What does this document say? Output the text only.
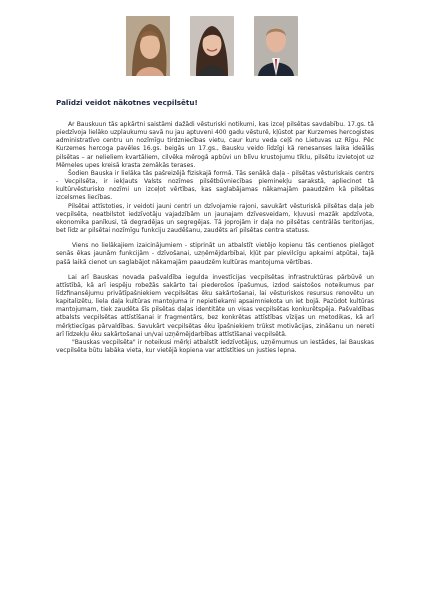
Palīdzi veidot nākotnes vecpilsētu!

Ar Bauskuun tās apkārtni saistāmi dažādi vēsturiski notikumi, kas izceļ pilsētas savdabību. 17.gs. tā piedzīvoja lielāko uzplaukumu savā nu jau aptuveni 400 gadu vēsturē, kļūstot par Kurzemes hercogistes administratīvo centru un nozīmīgu tirdzniecības vietu, caur kuru veda ceļš no Lietuvas uz Rīgu. Pēc Kurzemes hercoga pavēles 16.gs. beigās un 17.gs., Bausku veido līdzīgi kā renesanses laika ideālās pilsētas – ar nelieliem kvartāliem, cilvēka mērogā apbūvi un blīvu krustojumu tīklu, pilsētu izvietojot uz Mēmeles upes kreisā krasta zemākās terases.

Šodien Bauska ir lielāka tās pašreizējā fiziskajā formā. Tās senākā daļa - pilsētas vēsturiskais centrs - Vecpilsēta, ir iekļauts Valsts nozīmes pilsētbūvniecības pieminekļu sarakstā, apliecinot tā kultūrvēsturisko nozīmi un izceļot vērtības, kas saglabājamas nākamajām paaudzēm kā pilsētas izcelsmes liecības.

Pilsētai attīstoties, ir veidoti jauni centri un dzīvojamie rajoni, savukārt vēsturiskā pilsētas daļa jeb vecpilsēta, neatbilstot iedzīvotāju vajadzībām un jaunajam dzīvesveidam, kļuvusi mazāk apdzīvota, ekonomika panīkusi, tā degradējas un segregējas. Tā joprojām ir daļa no pilsētas centrālās teritorijas, bet līdz ar pilsētai nozīmīgu funkciju zaudēšanu, zaudēts arī pilsētas centra statuss.

Viens no lielākajiem izaicinājumiem - stiprināt un atbalstīt vietējo kopienu tās centienos pielāgot senās ēkas jaunām funkcijām - dzīvošanai, uzņēmējdarbībai, kļūt par pievilcīgu apkaimi atpūtai, tajā pašā laikā cienot un saglabājot nākamajām paaudzēm kultūras mantojuma vērtības.

Lai arī Bauskas novada pašvaldība iegulda investīcijas vecpilsētas infrastruktūras pārbūvē un attīstībā, kā arī iespēju robežās sakārto tai piederošos īpašumus, izdod saistošos noteikumus par līdzfinansējumu privātīpašniekiem vecpilsētas ēku sakārtošanai, lai vēsturiskos resursus renovētu un kapitalizētu, liela daļa kultūras mantojuma ir nepietiekami apsaimniekota un iet bojā. Pazūdot kultūras mantojumam, tiek zaudēta šīs pilsētas daļas identitāte un visas vecpilsētas konkurētspēja. Pašvaldības atbalsts vecpilsētas attīstīšanai ir fragmentārs, bez konkrētas attīstības vīzijas un metodikas, kā arī mērķtiecīgas pārvaldības. Savukārt vecpilsētas ēku īpašniekiem trūkst motivācijas, zināšanu un nereti arī līdzekļu ēku sakārtošanai un/vai uzņēmējdarbības attīstīšanai vecpilsētā.

"Bauskas vecpilsēta" ir noteikusi mērķi atbalstīt iedzīvotājus, uzņēmumus un iestādes, lai Bauskas vecpilsēta būtu labāka vieta, kur vietējā kopiena var attīstīties un justies lepna.
